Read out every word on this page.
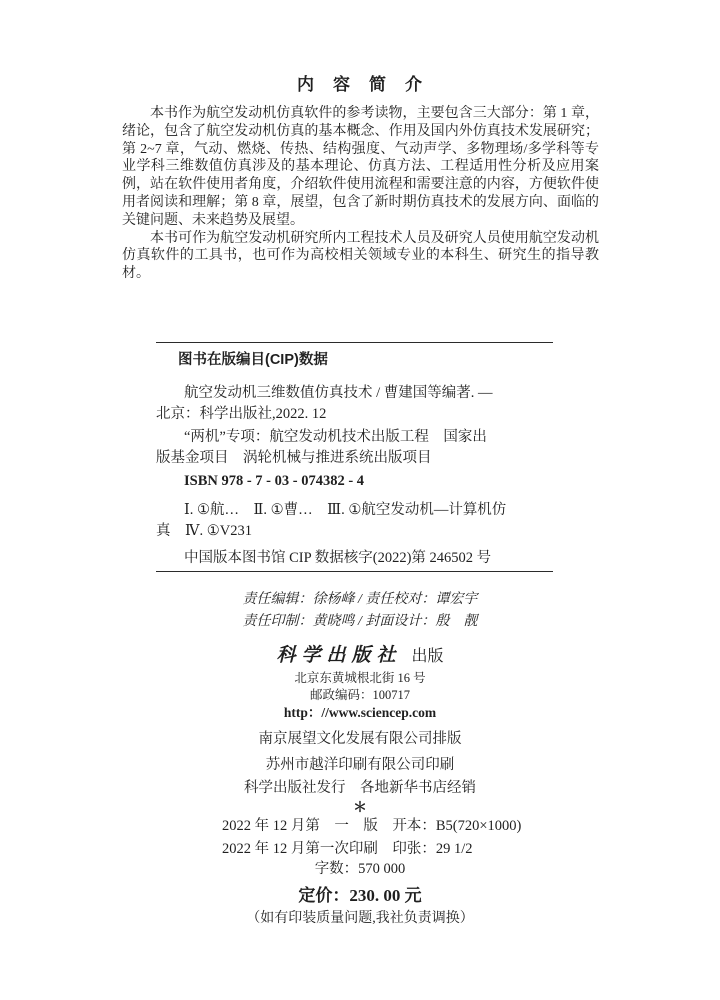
内　容　简　介

本书作为航空发动机仿真软件的参考读物，主要包含三大部分：第 1 章，绪论，包含了航空发动机仿真的基本概念、作用及国内外仿真技术发展研究；第 2~7 章，气动、燃烧、传热、结构强度、气动声学、多物理场/多学科等专业学科三维数值仿真涉及的基本理论、仿真方法、工程适用性分析及应用案例，站在软件使用者角度，介绍软件使用流程和需要注意的内容，方便软件使用者阅读和理解；第 8 章，展望，包含了新时期仿真技术的发展方向、面临的关键问题、未来趋势及展望。

本书可作为航空发动机研究所内工程技术人员及研究人员使用航空发动机仿真软件的工具书，也可作为高校相关领域专业的本科生、研究生的指导教材。

图书在版编目(CIP)数据
航空发动机三维数值仿真技术 / 曹建国等编著. —
北京：科学出版社,2022. 12
“两机”专项：航空发动机技术出版工程　国家出
版基金项目　涡轮机械与推进系统出版项目
ISBN 978 - 7 - 03 - 074382 - 4
Ⅰ. ①航…　Ⅱ. ①曹…　Ⅲ. ①航空发动机—计算机仿
真　Ⅳ. ①V231
中国版本图书馆 CIP 数据核字(2022)第 246502 号
责任编辑：徐杨峰 / 责任校对：谭宏宇
责任印制：黄晓鸣 / 封面设计：殷　靓
科学出版社 出版
北京东黄城根北街 16 号
邮政编码：100717
http：//www.sciencep.com
南京展望文化发展有限公司排版
苏州市越洋印刷有限公司印刷
科学出版社发行　各地新华书店经销
＊
2022 年 12 月第　一　版　开本：B5(720×1000)
2022 年 12 月第一次印刷　印张：29 1/2
字数：570 000
定价：230. 00 元
（如有印装质量问题,我社负责调换）
